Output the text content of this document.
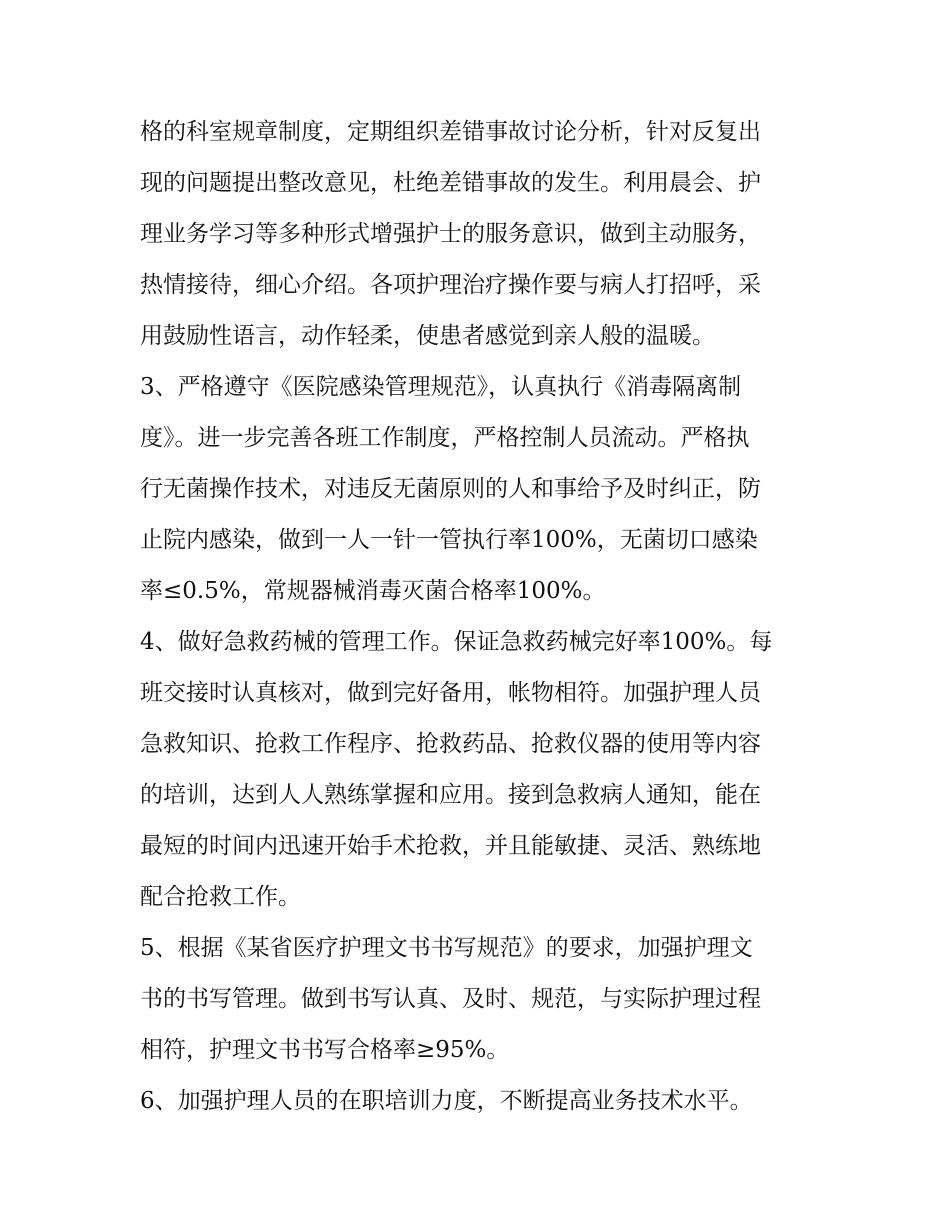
格的科室规章制度，定期组织差错事故讨论分析，针对反复出
现的问题提出整改意见，杜绝差错事故的发生。利用晨会、护
理业务学习等多种形式增强护士的服务意识，做到主动服务，
热情接待，细心介绍。各项护理治疗操作要与病人打招呼，采
用鼓励性语言，动作轻柔，使患者感觉到亲人般的温暖。
3、严格遵守《医院感染管理规范》，认真执行《消毒隔离制
度》。进一步完善各班工作制度，严格控制人员流动。严格执
行无菌操作技术，对违反无菌原则的人和事给予及时纠正，防
止院内感染，做到一人一针一管执行率100%，无菌切口感染
率≤0.5%，常规器械消毒灭菌合格率100%。
4、做好急救药械的管理工作。保证急救药械完好率100%。每
班交接时认真核对，做到完好备用，帐物相符。加强护理人员
急救知识、抢救工作程序、抢救药品、抢救仪器的使用等内容
的培训，达到人人熟练掌握和应用。接到急救病人通知，能在
最短的时间内迅速开始手术抢救，并且能敏捷、灵活、熟练地
配合抢救工作。
5、根据《某省医疗护理文书书写规范》的要求，加强护理文
书的书写管理。做到书写认真、及时、规范，与实际护理过程
相符，护理文书书写合格率≥95%。
6、加强护理人员的在职培训力度，不断提高业务技术水平。
